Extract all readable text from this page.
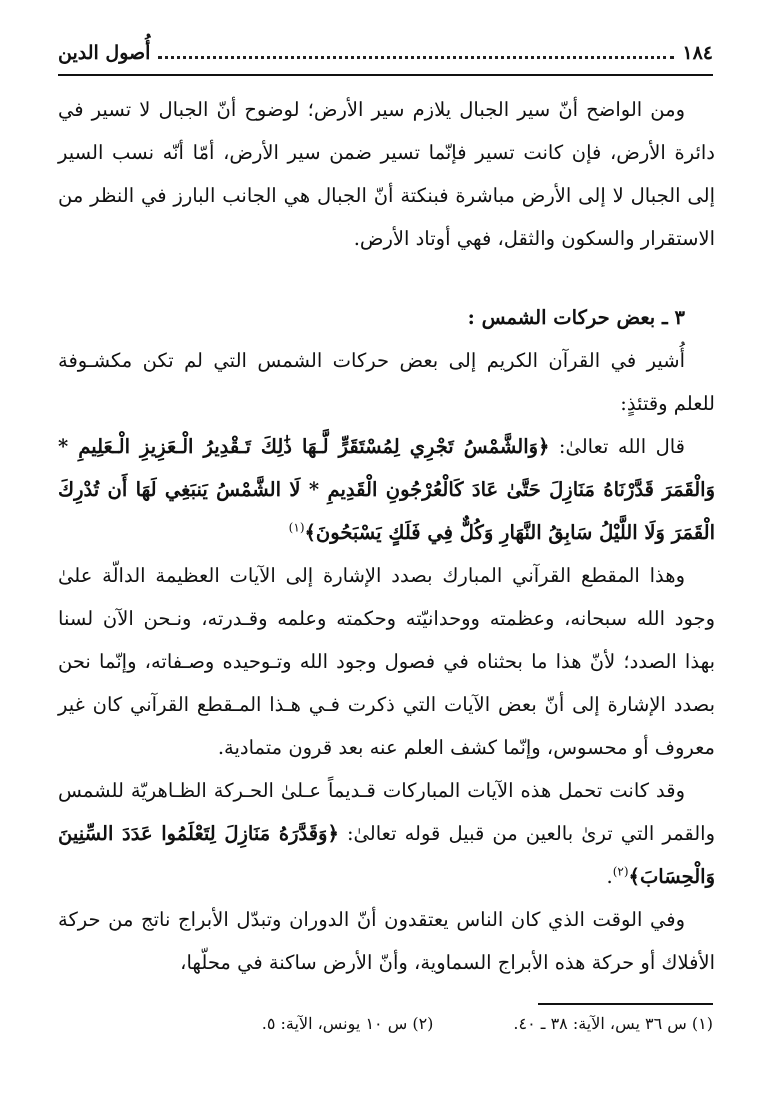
١٨٤
أُصول الدين

ومن الواضح أنّ سير الجبال يلازم سير الأرض؛ لوضوح أنّ الجبال لا تسير في دائرة الأرض، فإن كانت تسير فإنّما تسير ضمن سير الأرض، أمّا أنّه نسب السير إلى الجبال لا إلى الأرض مباشرة فبنكتة أنّ الجبال هي الجانب البارز في النظر من الاستقرار والسكون والثقل، فهي أوتاد الأرض.

٣ ـ بعض حركات الشمس :

أُشير في القرآن الكريم إلى بعض حركات الشمس التي لم تكن مكشـوفة للعلم وقتئذٍ:

قال الله تعالىٰ: ﴿وَالشَّمْسُ تَجْرِي لِمُسْتَقَرٍّ لَّـهَا ذَٰلِكَ تَـقْدِيرُ الْـعَزِيزِ الْـعَلِيمِ * وَالْقَمَرَ قَدَّرْنَاهُ مَنَازِلَ حَتَّىٰ عَادَ كَالْعُرْجُونِ الْقَدِيمِ * لَا الشَّمْسُ يَنبَغِي لَهَا أَن تُدْرِكَ الْقَمَرَ وَلَا اللَّيْلُ سَابِقُ النَّهَارِ وَكُلٌّ فِي فَلَكٍ يَسْبَحُونَ﴾$^{(١)}$

وهذا المقطع القرآني المبارك بصدد الإشارة إلى الآيات العظيمة الدالّة علىٰ وجود الله سبحانه، وعظمته ووحدانيّته وحكمته وعلمه وقـدرته، ونـحن الآن لسنا بهذا الصدد؛ لأنّ هذا ما بحثناه في فصول وجود الله وتـوحيده وصـفاته، وإنّما نحن بصدد الإشارة إلى أنّ بعض الآيات التي ذكرت فـي هـذا المـقطع القرآني كان غير معروف أو محسوس، وإنّما كشف العلم عنه بعد قرون متمادية.

وقد كانت تحمل هذه الآيات المباركات قـديماً عـلىٰ الحـركة الظـاهريّة للشمس والقمر التي ترىٰ بالعين من قبيل قوله تعالىٰ: ﴿وَقَدَّرَهُ مَنَازِلَ لِتَعْلَمُوا عَدَدَ السِّنِينَ وَالْحِسَابَ﴾$^{(٢)}$.

وفي الوقت الذي كان الناس يعتقدون أنّ الدوران وتبدّل الأبراج ناتج من حركة الأفلاك أو حركة هذه الأبراج السماوية، وأنّ الأرض ساكنة في محلّها،

(١) س ٣٦ يس، الآية: ٣٨ ـ ٤٠.
(٢) س ١٠ يونس، الآية: ٥.
